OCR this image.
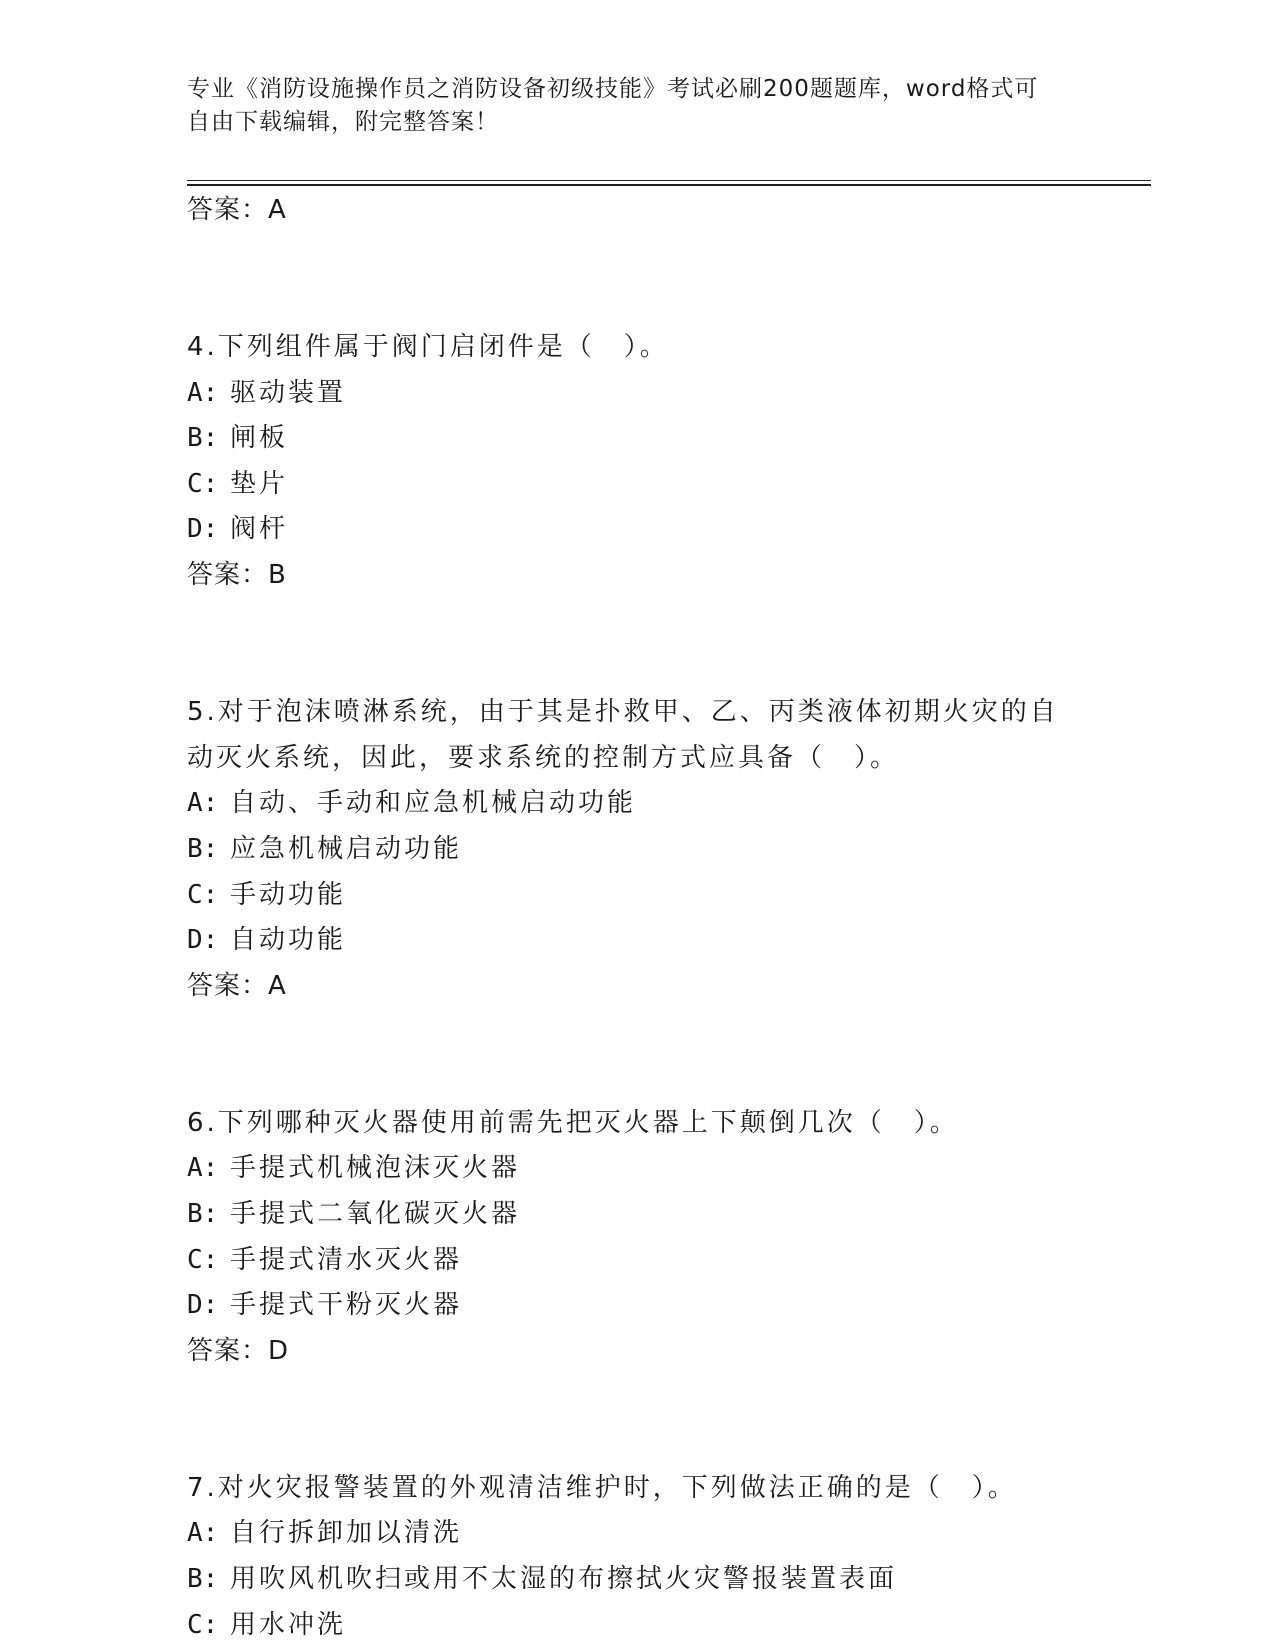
专业《消防设施操作员之消防设备初级技能》考试必刷200题题库，word格式可
自由下载编辑，附完整答案！
答案：A
4.下列组件属于阀门启闭件是（　）。
A: 驱动装置
B: 闸板
C: 垫片
D: 阀杆
答案：B
5.对于泡沫喷淋系统，由于其是扑救甲、乙、丙类液体初期火灾的自
动灭火系统，因此，要求系统的控制方式应具备（　）。
A: 自动、手动和应急机械启动功能
B: 应急机械启动功能
C: 手动功能
D: 自动功能
答案：A
6.下列哪种灭火器使用前需先把灭火器上下颠倒几次（　）。
A: 手提式机械泡沫灭火器
B: 手提式二氧化碳灭火器
C: 手提式清水灭火器
D: 手提式干粉灭火器
答案：D
7.对火灾报警装置的外观清洁维护时，下列做法正确的是（　）。
A: 自行拆卸加以清洗
B: 用吹风机吹扫或用不太湿的布擦拭火灾警报装置表面
C: 用水冲洗
